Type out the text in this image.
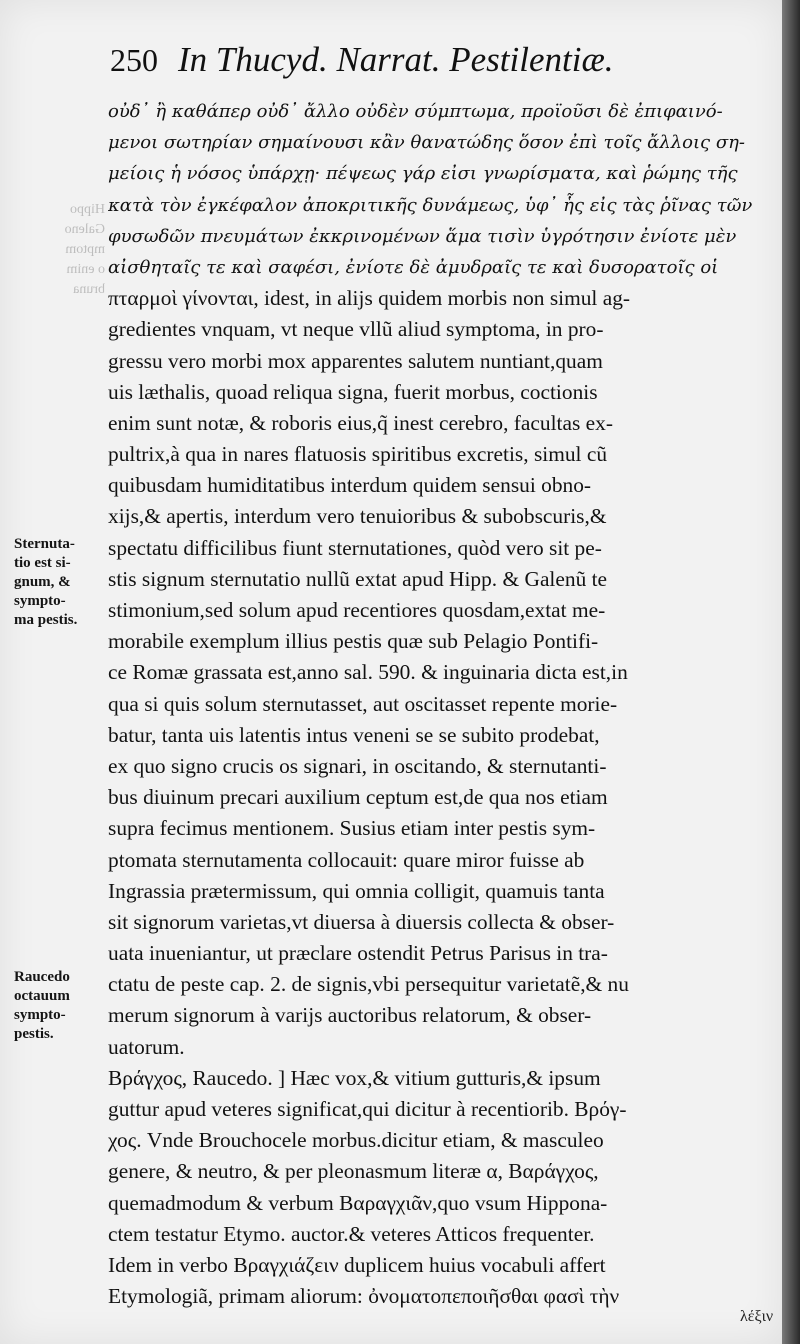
250 In Thucyd. Narrat. Pestilentiæ.
Hippo
Galeno
mptom
o enim
bruna
Sternuta-
tio est si-
gnum, &
sympto-
ma pestis.
Raucedo
octauum
sympto-
pestis.
οὐδ᾽ ἢ καθάπερ οὐδ᾽ ἄλλο οὐδὲν σύμπτωμα, προϊοῦσι δὲ ἐπιφαινό-
μενοι σωτηρίαν σημαίνουσι κἂν θανατώδης ὅσον ἐπὶ τοῖς ἄλλοις ση-
μείοις ἡ νόσος ὑπάρχῃ· πέψεως γάρ εἰσι γνωρίσματα, καὶ ῥώμης τῆς
κατὰ τὸν ἐγκέφαλον ἀποκριτικῆς δυνάμεως, ὑφ᾽ ἧς εἰς τὰς ῥῖνας τῶν
φυσωδῶν πνευμάτων ἐκκρινομένων ἅμα τισὶν ὑγρότησιν ἐνίοτε μὲν
αἰσθηταῖς τε καὶ σαφέσι, ἐνίοτε δὲ ἀμυδραῖς τε καὶ δυσορατοῖς οἱ
πταρμοὶ γίνονται, idest, in alijs quidem morbis non simul ag-
gredientes vnquam, vt neque vllũ aliud symptoma, in pro-
gressu vero morbi mox apparentes salutem nuntiant,quam
uis læthalis, quoad reliqua signa, fuerit morbus, coctionis
enim sunt notæ, & roboris eius,q̃ inest cerebro, facultas ex-
pultrix,à qua in nares flatuosis spiritibus excretis, simul cũ
quibusdam humiditatibus interdum quidem sensui obno-
xijs,& apertis, interdum vero tenuioribus & subobscuris,&
spectatu difficilibus fiunt sternutationes, quòd vero sit pe-
stis signum sternutatio nullũ extat apud Hipp. & Galenũ te
stimonium,sed solum apud recentiores quosdam,extat me-
morabile exemplum illius pestis quæ sub Pelagio Pontifi-
ce Romæ grassata est,anno sal. 590. & inguinaria dicta est,in
qua si quis solum sternutasset, aut oscitasset repente morie-
batur, tanta uis latentis intus veneni se se subito prodebat,
ex quo signo crucis os signari, in oscitando, & sternutanti-
bus diuinum precari auxilium ceptum est,de qua nos etiam
supra fecimus mentionem. Susius etiam inter pestis sym-
ptomata sternutamenta collocauit: quare miror fuisse ab
Ingrassia prætermissum, qui omnia colligit, quamuis tanta
sit signorum varietas,vt diuersa à diuersis collecta & obser-
uata inueniantur, ut præclare ostendit Petrus Parisus in tra-
ctatu de peste cap. 2. de signis,vbi persequitur varietatẽ,& nu
merum signorum à varijs auctoribus relatorum, & obser-
uatorum.
Βράγχος, Raucedo. ] Hæc vox,& vitium gutturis,& ipsum
guttur apud veteres significat,qui dicitur à recentiorib. Βρόγ-
χος. Vnde Brouchocele morbus.dicitur etiam, & masculeo
genere, & neutro, & per pleonasmum literæ α, Βαράγχος,
quemadmodum & verbum Βαραγχιᾶν,quo vsum Hippona-
ctem testatur Etymo. auctor.& veteres Atticos frequenter.
Idem in verbo Βραγχιάζειν duplicem huius vocabuli affert
Etymologiã, primam aliorum: ὀνοματοπεποιῆσθαι φασὶ τὴν
λέξιν
